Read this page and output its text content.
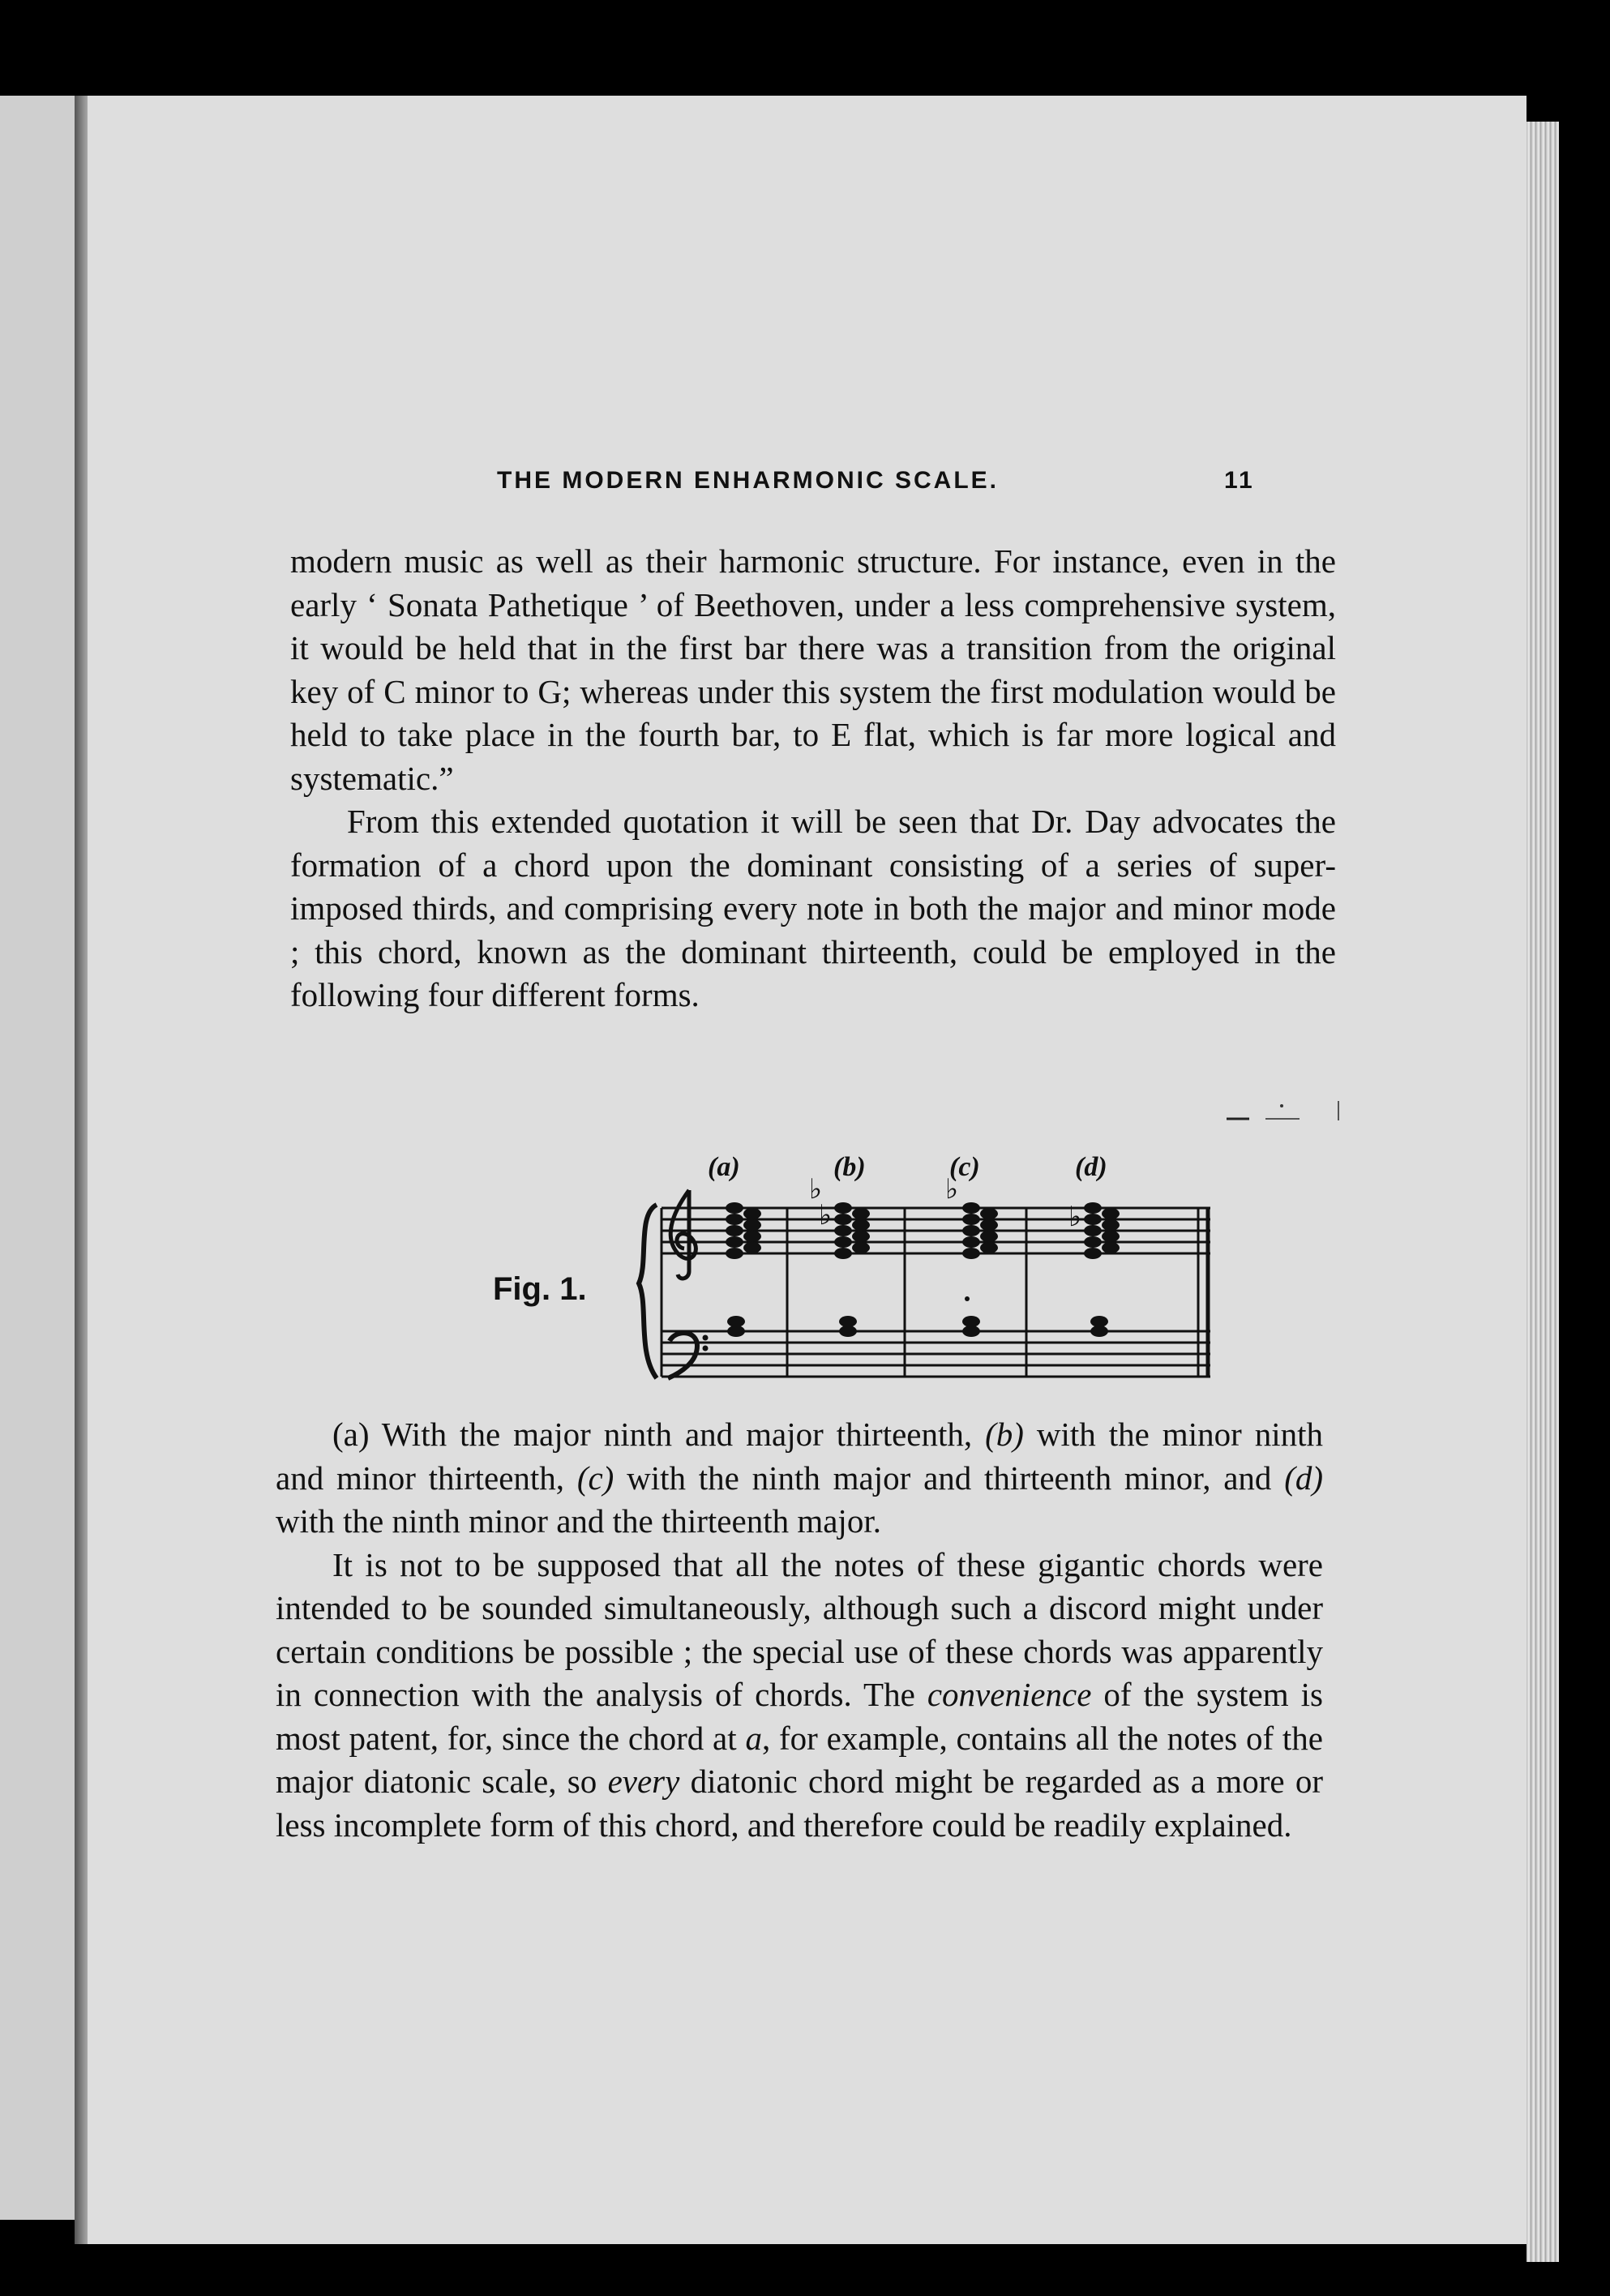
THE MODERN ENHARMONIC SCALE.	11

modern music as well as their harmonic structure. For instance, even in the early ‘ Sonata Pathetique ’ of Beethoven, under a less comprehensive system, it would be held that in the first bar there was a transition from the original key of C minor to G; whereas under this system the first modulation would be held to take place in the fourth bar, to E flat, which is far more logical and systematic.”

From this extended quotation it will be seen that Dr. Day advocates the formation of a chord upon the dominant consisting of a series of super-imposed thirds, and comprising every note in both the major and minor mode ; this chord, known as the dominant thirteenth, could be employed in the following four different forms.

Fig. 1.
(a)	(b)	(c)	(d)
♭
♭
♭
♭

(a) With the major ninth and major thirteenth, (b) with the minor ninth and minor thirteenth, (c) with the ninth major and thirteenth minor, and (d) with the ninth minor and the thirteenth major.

It is not to be supposed that all the notes of these gigantic chords were intended to be sounded simultaneously, although such a discord might under certain conditions be possible ; the special use of these chords was apparently in connection with the analysis of chords. The convenience of the system is most patent, for, since the chord at a, for example, contains all the notes of the major diatonic scale, so every diatonic chord might be regarded as a more or less incomplete form of this chord, and therefore could be readily explained.
